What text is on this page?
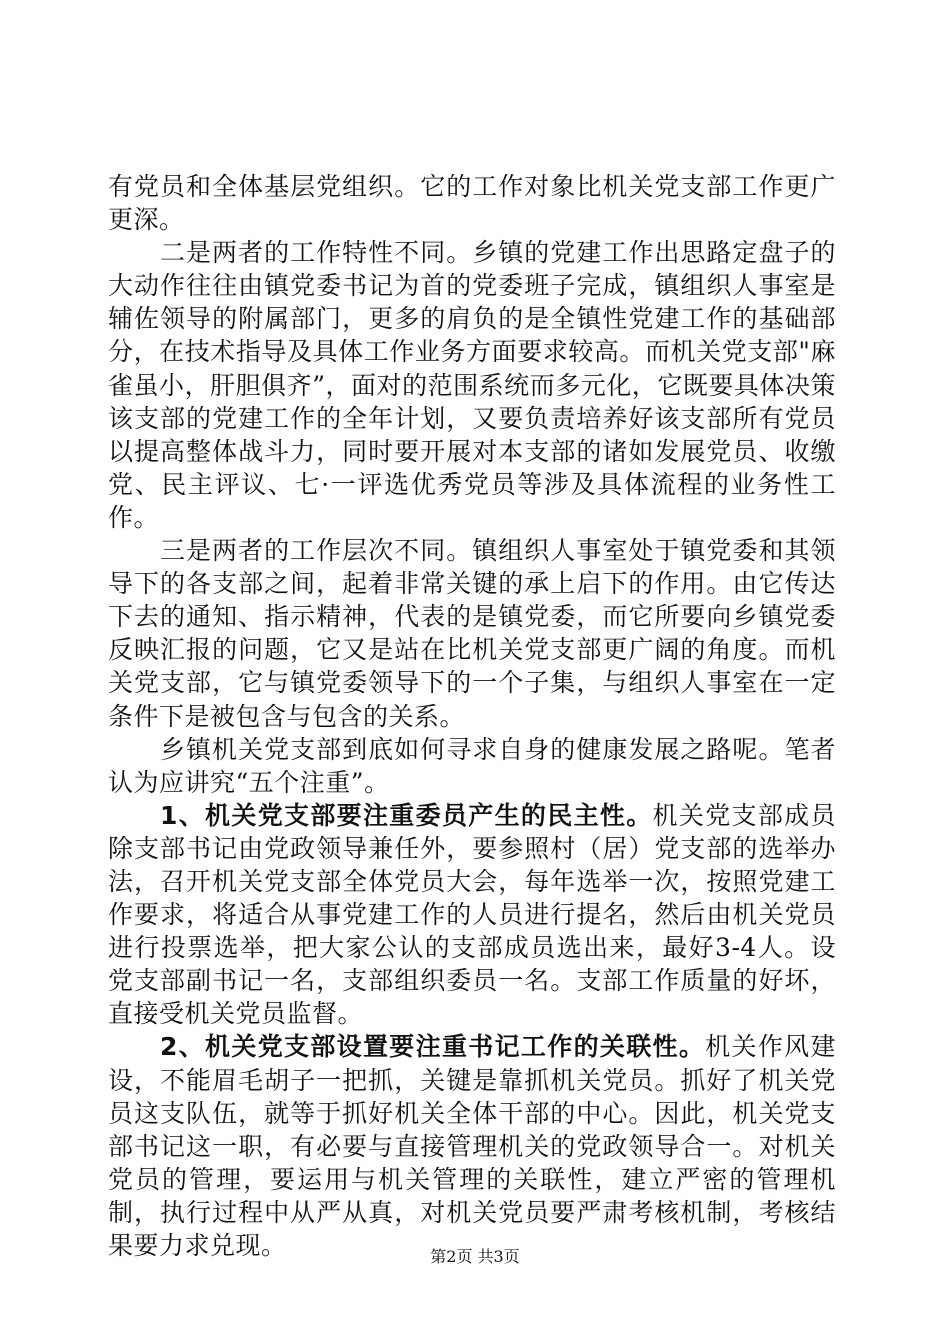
有党员和全体基层党组织。它的工作对象比机关党支部工作更广更深。

二是两者的工作特性不同。乡镇的党建工作出思路定盘子的大动作往往由镇党委书记为首的党委班子完成，镇组织人事室是辅佐领导的附属部门，更多的肩负的是全镇性党建工作的基础部分，在技术指导及具体工作业务方面要求较高。而机关党支部"麻雀虽小，肝胆俱齐”，面对的范围系统而多元化，它既要具体决策该支部的党建工作的全年计划，又要负责培养好该支部所有党员以提高整体战斗力，同时要开展对本支部的诸如发展党员、收缴党、民主评议、七·一评选优秀党员等涉及具体流程的业务性工作。

三是两者的工作层次不同。镇组织人事室处于镇党委和其领导下的各支部之间，起着非常关键的承上启下的作用。由它传达下去的通知、指示精神，代表的是镇党委，而它所要向乡镇党委反映汇报的问题，它又是站在比机关党支部更广阔的角度。而机关党支部，它与镇党委领导下的一个子集，与组织人事室在一定条件下是被包含与包含的关系。

乡镇机关党支部到底如何寻求自身的健康发展之路呢。笔者认为应讲究“五个注重”。

1、机关党支部要注重委员产生的民主性。机关党支部成员除支部书记由党政领导兼任外，要参照村（居）党支部的选举办法，召开机关党支部全体党员大会，每年选举一次，按照党建工作要求，将适合从事党建工作的人员进行提名，然后由机关党员进行投票选举，把大家公认的支部成员选出来，最好3-4人。设党支部副书记一名，支部组织委员一名。支部工作质量的好坏，直接受机关党员监督。

2、机关党支部设置要注重书记工作的关联性。机关作风建设，不能眉毛胡子一把抓，关键是靠抓机关党员。抓好了机关党员这支队伍，就等于抓好机关全体干部的中心。因此，机关党支部书记这一职，有必要与直接管理机关的党政领导合一。对机关党员的管理，要运用与机关管理的关联性，建立严密的管理机制，执行过程中从严从真，对机关党员要严肃考核机制，考核结果要力求兑现。	第2页 共3页
